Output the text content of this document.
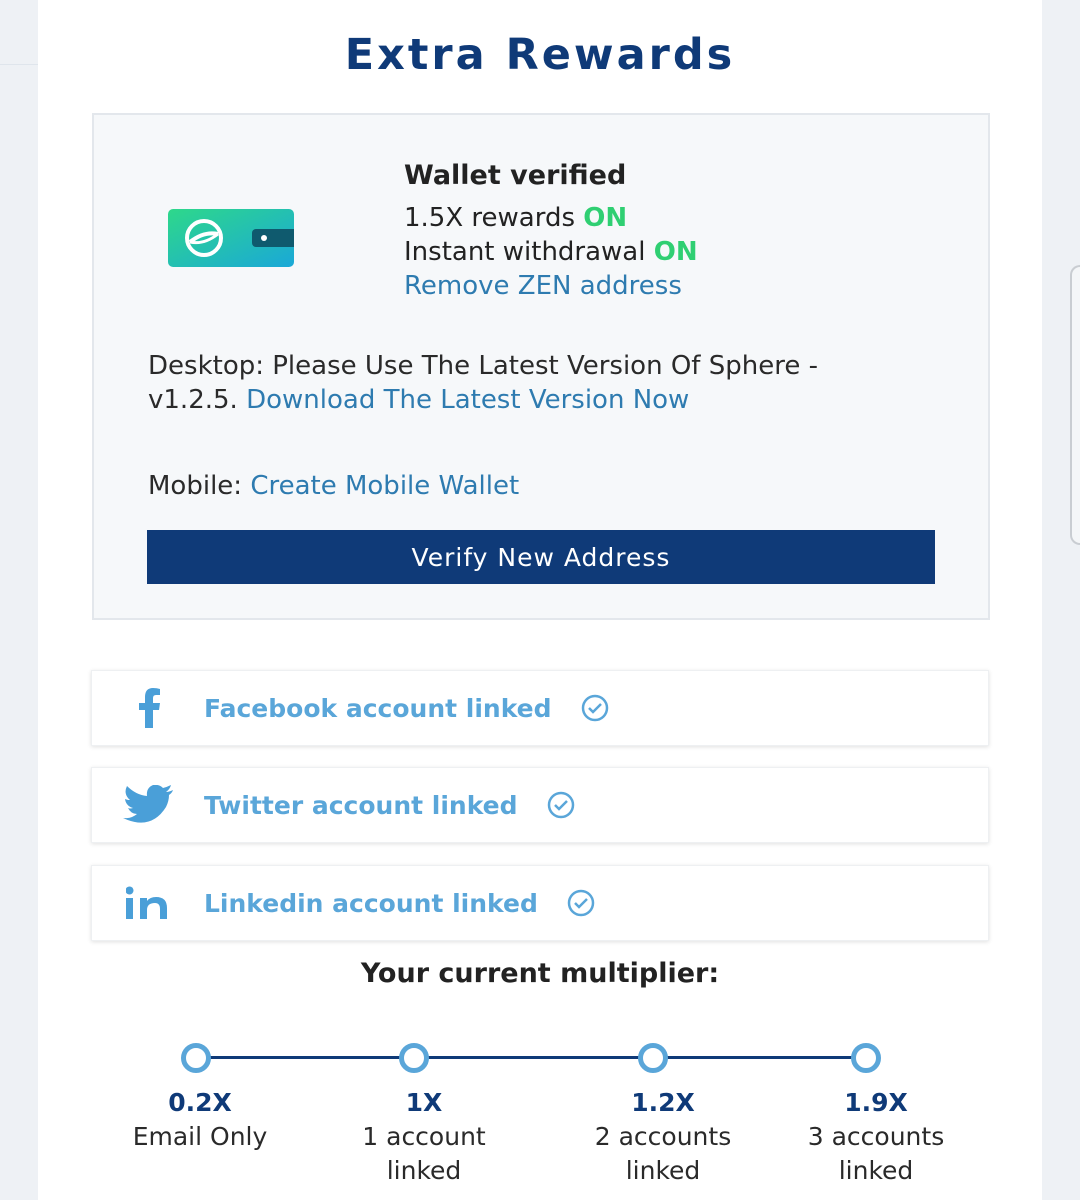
Extra Rewards
Wallet verified
1.5X rewards ON
Instant withdrawal ON
Remove ZEN address
Desktop: Please Use The Latest Version Of Sphere - v1.2.5. Download The Latest Version Now
Mobile: Create Mobile Wallet
Verify New Address
Facebook account linked
Twitter account linked
Linkedin account linked
Your current multiplier:
0.2X
Email Only
1X
1 account linked
1.2X
2 accounts linked
1.9X
3 accounts linked
